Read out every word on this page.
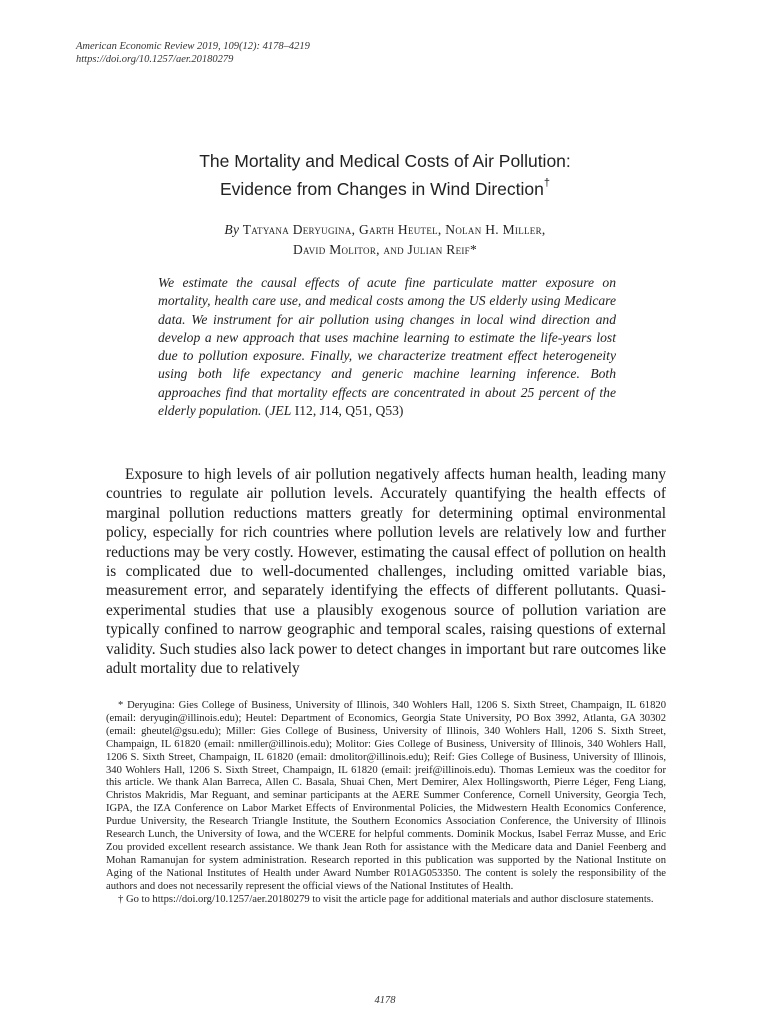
American Economic Review 2019, 109(12): 4178–4219
https://doi.org/10.1257/aer.20180279
The Mortality and Medical Costs of Air Pollution:
Evidence from Changes in Wind Direction†
By Tatyana Deryugina, Garth Heutel, Nolan H. Miller,
David Molitor, and Julian Reif*
We estimate the causal effects of acute fine particulate matter exposure on mortality, health care use, and medical costs among the US elderly using Medicare data. We instrument for air pollution using changes in local wind direction and develop a new approach that uses machine learning to estimate the life-years lost due to pollution exposure. Finally, we characterize treatment effect heterogeneity using both life expectancy and generic machine learning inference. Both approaches find that mortality effects are concentrated in about 25 percent of the elderly population. (JEL I12, J14, Q51, Q53)
Exposure to high levels of air pollution negatively affects human health, leading many countries to regulate air pollution levels. Accurately quantifying the health effects of marginal pollution reductions matters greatly for determining optimal environmental policy, especially for rich countries where pollution levels are relatively low and further reductions may be very costly. However, estimating the causal effect of pollution on health is complicated due to well-documented challenges, including omitted variable bias, measurement error, and separately identifying the effects of different pollutants. Quasi-experimental studies that use a plausibly exogenous source of pollution variation are typically confined to narrow geographic and temporal scales, raising questions of external validity. Such studies also lack power to detect changes in important but rare outcomes like adult mortality due to relatively

* Deryugina: Gies College of Business, University of Illinois, 340 Wohlers Hall, 1206 S. Sixth Street, Champaign, IL 61820 (email: deryugin@illinois.edu); Heutel: Department of Economics, Georgia State University, PO Box 3992, Atlanta, GA 30302 (email: gheutel@gsu.edu); Miller: Gies College of Business, University of Illinois, 340 Wohlers Hall, 1206 S. Sixth Street, Champaign, IL 61820 (email: nmiller@illinois.edu); Molitor: Gies College of Business, University of Illinois, 340 Wohlers Hall, 1206 S. Sixth Street, Champaign, IL 61820 (email: dmolitor@illinois.edu); Reif: Gies College of Business, University of Illinois, 340 Wohlers Hall, 1206 S. Sixth Street, Champaign, IL 61820 (email: jreif@illinois.edu). Thomas Lemieux was the coeditor for this article. We thank Alan Barreca, Allen C. Basala, Shuai Chen, Mert Demirer, Alex Hollingsworth, Pierre Léger, Feng Liang, Christos Makridis, Mar Reguant, and seminar participants at the AERE Summer Conference, Cornell University, Georgia Tech, IGPA, the IZA Conference on Labor Market Effects of Environmental Policies, the Midwestern Health Economics Conference, Purdue University, the Research Triangle Institute, the Southern Economics Association Conference, the University of Illinois Research Lunch, the University of Iowa, and the WCERE for helpful comments. Dominik Mockus, Isabel Ferraz Musse, and Eric Zou provided excellent research assistance. We thank Jean Roth for assistance with the Medicare data and Daniel Feenberg and Mohan Ramanujan for system administration. Research reported in this publication was supported by the National Institute on Aging of the National Institutes of Health under Award Number R01AG053350. The content is solely the responsibility of the authors and does not necessarily represent the official views of the National Institutes of Health.

† Go to https://doi.org/10.1257/aer.20180279 to visit the article page for additional materials and author disclosure statements.

4178
